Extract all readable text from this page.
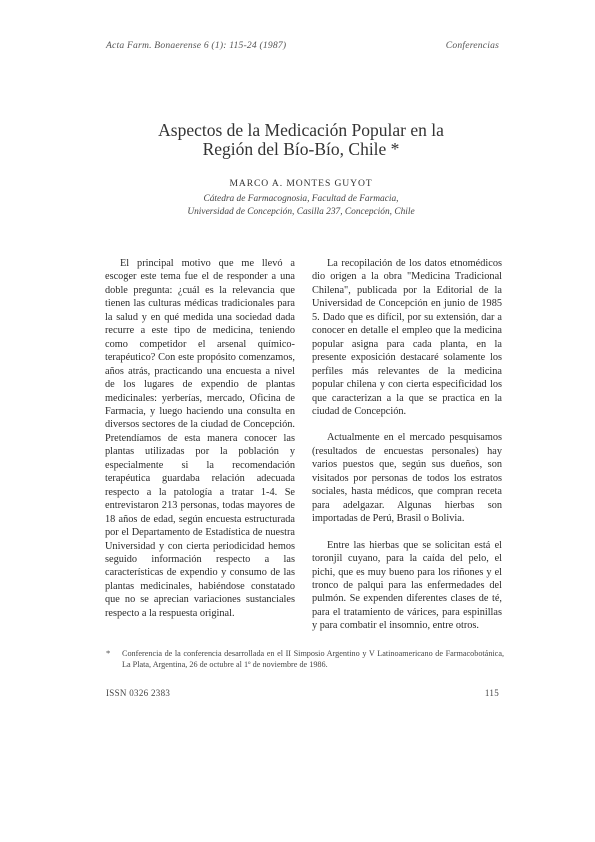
Acta Farm. Bonaerense 6 (1): 115-24 (1987)	Conferencias
Aspectos de la Medicación Popular en la
Región del Bío-Bío, Chile *
MARCO A. MONTES GUYOT
Cátedra de Farmacognosia, Facultad de Farmacia,
Universidad de Concepción, Casilla 237, Concepción, Chile

El principal motivo que me llevó a escoger este tema fue el de responder a una doble pregunta: ¿cuál es la relevancia que tienen las culturas médicas tradicionales para la salud y en qué medida una sociedad dada recurre a este tipo de medicina, teniendo como competidor el arsenal químico-terapéutico? Con este propósito comenzamos, años atrás, practicando una encuesta a nivel de los lugares de expendio de plantas medicinales: yerberías, mercado, Oficina de Farmacia, y luego haciendo una consulta en diversos sectores de la ciudad de Concepción. Pretendíamos de esta manera conocer las plantas utilizadas por la población y especialmente si la recomendación terapéutica guardaba relación adecuada respecto a la patología a tratar 1-4. Se entrevistaron 213 personas, todas mayores de 18 años de edad, según encuesta estructurada por el Departamento de Estadística de nuestra Universidad y con cierta periodicidad hemos seguido información respecto a las características de expendio y consumo de las plantas medicinales, habiéndose constatado que no se aprecian variaciones sustanciales respecto a la respuesta original.

La recopilación de los datos etnomédicos dio origen a la obra "Medicina Tradicional Chilena", publicada por la Editorial de la Universidad de Concepción en junio de 1985 5. Dado que es difícil, por su extensión, dar a conocer en detalle el empleo que la medicina popular asigna para cada planta, en la presente exposición destacaré solamente los perfiles más relevantes de la medicina popular chilena y con cierta especificidad los que caracterizan a la que se practica en la ciudad de Concepción.

Actualmente en el mercado pesquisamos (resultados de encuestas personales) hay varios puestos que, según sus dueños, son visitados por personas de todos los estratos sociales, hasta médicos, que compran receta para adelgazar. Algunas hierbas son importadas de Perú, Brasil o Bolivia.

Entre las hierbas que se solicitan está el toronjil cuyano, para la caída del pelo, el pichi, que es muy bueno para los riñones y el tronco de palqui para las enfermedades del pulmón. Se expenden diferentes clases de té, para el tratamiento de várices, para espinillas y para combatir el insomnio, entre otros.

* Conferencia de la conferencia desarrollada en el II Simposio Argentino y V Latinoamericano de Farmacobotánica, La Plata, Argentina, 26 de octubre al 1º de noviembre de 1986.
ISSN 0326 2383	115
